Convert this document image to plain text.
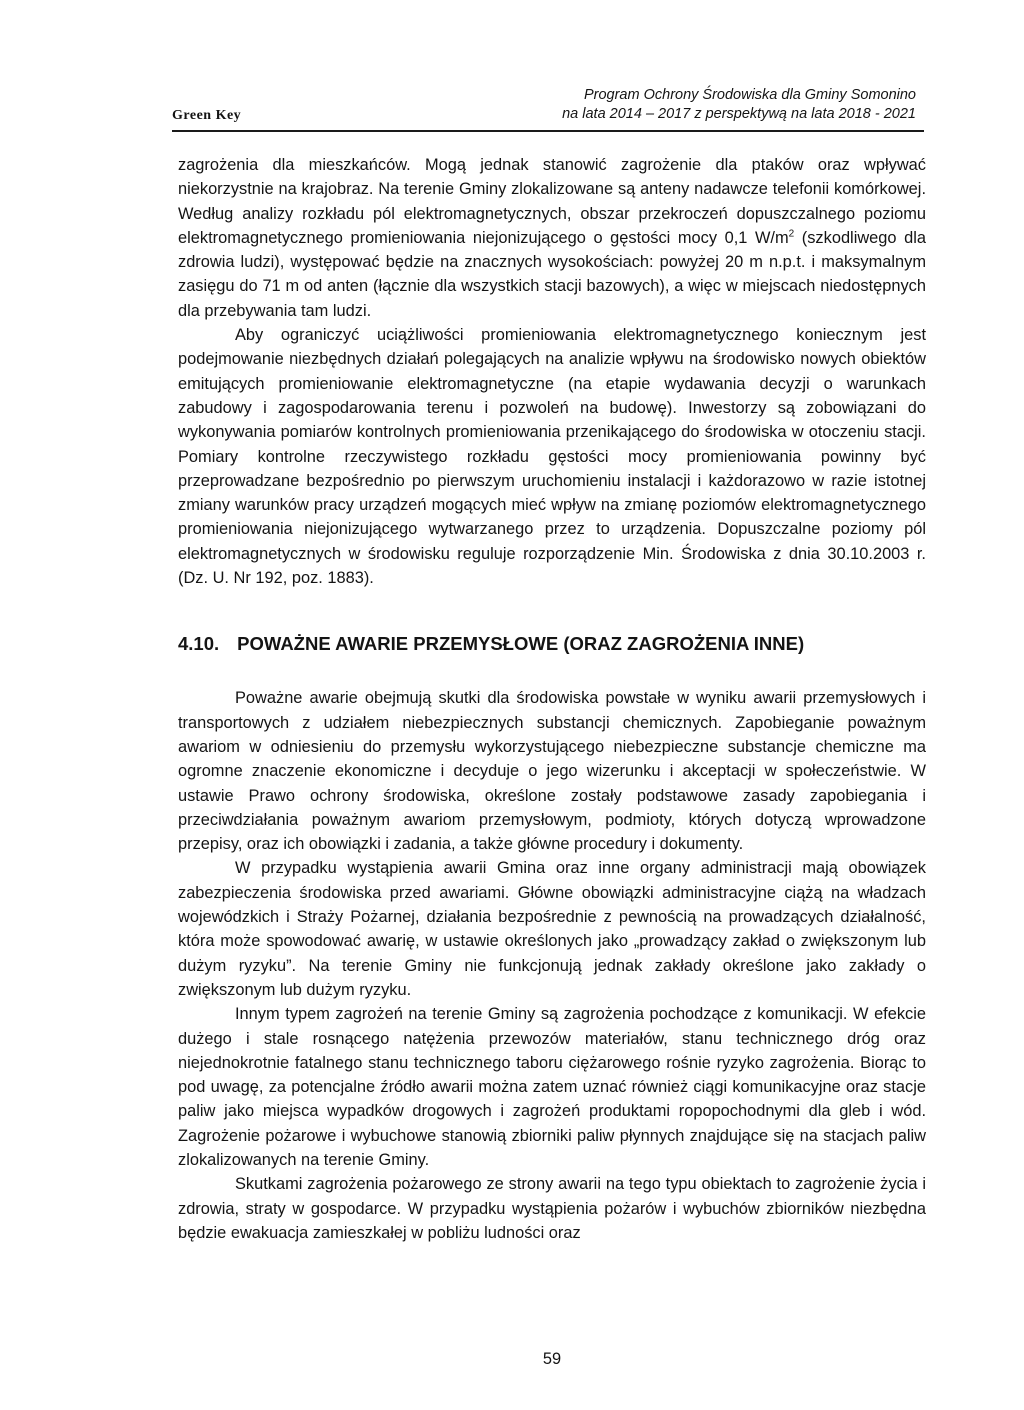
Green Key
Program Ochrony Środowiska dla Gminy Somonino
na lata 2014 – 2017 z perspektywą na lata 2018 - 2021

zagrożenia dla mieszkańców. Mogą jednak stanowić zagrożenie dla ptaków oraz wpływać niekorzystnie na krajobraz. Na terenie Gminy zlokalizowane są anteny nadawcze telefonii komórkowej. Według analizy rozkładu pól elektromagnetycznych, obszar przekroczeń dopuszczalnego poziomu elektromagnetycznego promieniowania niejonizującego o gęstości mocy 0,1 $W/m^2$ (szkodliwego dla zdrowia ludzi), występować będzie na znacznych wysokościach: powyżej 20 m n.p.t. i maksymalnym zasięgu do 71 m od anten (łącznie dla wszystkich stacji bazowych), a więc w miejscach niedostępnych dla przebywania tam ludzi.

Aby ograniczyć uciążliwości promieniowania elektromagnetycznego koniecznym jest podejmowanie niezbędnych działań polegających na analizie wpływu na środowisko nowych obiektów emitujących promieniowanie elektromagnetyczne (na etapie wydawania decyzji o warunkach zabudowy i zagospodarowania terenu i pozwoleń na budowę). Inwestorzy są zobowiązani do wykonywania pomiarów kontrolnych promieniowania przenikającego do środowiska w otoczeniu stacji. Pomiary kontrolne rzeczywistego rozkładu gęstości mocy promieniowania powinny być przeprowadzane bezpośrednio po pierwszym uruchomieniu instalacji i każdorazowo w razie istotnej zmiany warunków pracy urządzeń mogących mieć wpływ na zmianę poziomów elektromagnetycznego promieniowania niejonizującego wytwarzanego przez to urządzenia. Dopuszczalne poziomy pól elektromagnetycznych w środowisku reguluje rozporządzenie Min. Środowiska z dnia 30.10.2003 r. (Dz. U. Nr 192, poz. 1883).

4.10. POWAŻNE AWARIE PRZEMYSŁOWE (ORAZ ZAGROŻENIA INNE)

Poważne awarie obejmują skutki dla środowiska powstałe w wyniku awarii przemysłowych i transportowych z udziałem niebezpiecznych substancji chemicznych. Zapobieganie poważnym awariom w odniesieniu do przemysłu wykorzystującego niebezpieczne substancje chemiczne ma ogromne znaczenie ekonomiczne i decyduje o jego wizerunku i akceptacji w społeczeństwie. W ustawie Prawo ochrony środowiska, określone zostały podstawowe zasady zapobiegania i przeciwdziałania poważnym awariom przemysłowym, podmioty, których dotyczą wprowadzone przepisy, oraz ich obowiązki i zadania, a także główne procedury i dokumenty.

W przypadku wystąpienia awarii Gmina oraz inne organy administracji mają obowiązek zabezpieczenia środowiska przed awariami. Główne obowiązki administracyjne ciążą na władzach wojewódzkich i Straży Pożarnej, działania bezpośrednie z pewnością na prowadzących działalność, która może spowodować awarię, w ustawie określonych jako „prowadzący zakład o zwiększonym lub dużym ryzyku”. Na terenie Gminy nie funkcjonują jednak zakłady określone jako zakłady o zwiększonym lub dużym ryzyku.

Innym typem zagrożeń na terenie Gminy są zagrożenia pochodzące z komunikacji. W efekcie dużego i stale rosnącego natężenia przewozów materiałów, stanu technicznego dróg oraz niejednokrotnie fatalnego stanu technicznego taboru ciężarowego rośnie ryzyko zagrożenia. Biorąc to pod uwagę, za potencjalne źródło awarii można zatem uznać również ciągi komunikacyjne oraz stacje paliw jako miejsca wypadków drogowych i zagrożeń produktami ropopochodnymi dla gleb i wód. Zagrożenie pożarowe i wybuchowe stanowią zbiorniki paliw płynnych znajdujące się na stacjach paliw zlokalizowanych na terenie Gminy.

Skutkami zagrożenia pożarowego ze strony awarii na tego typu obiektach to zagrożenie życia i zdrowia, straty w gospodarce. W przypadku wystąpienia pożarów i wybuchów zbiorników niezbędna będzie ewakuacja zamieszkałej w pobliżu ludności oraz

59
